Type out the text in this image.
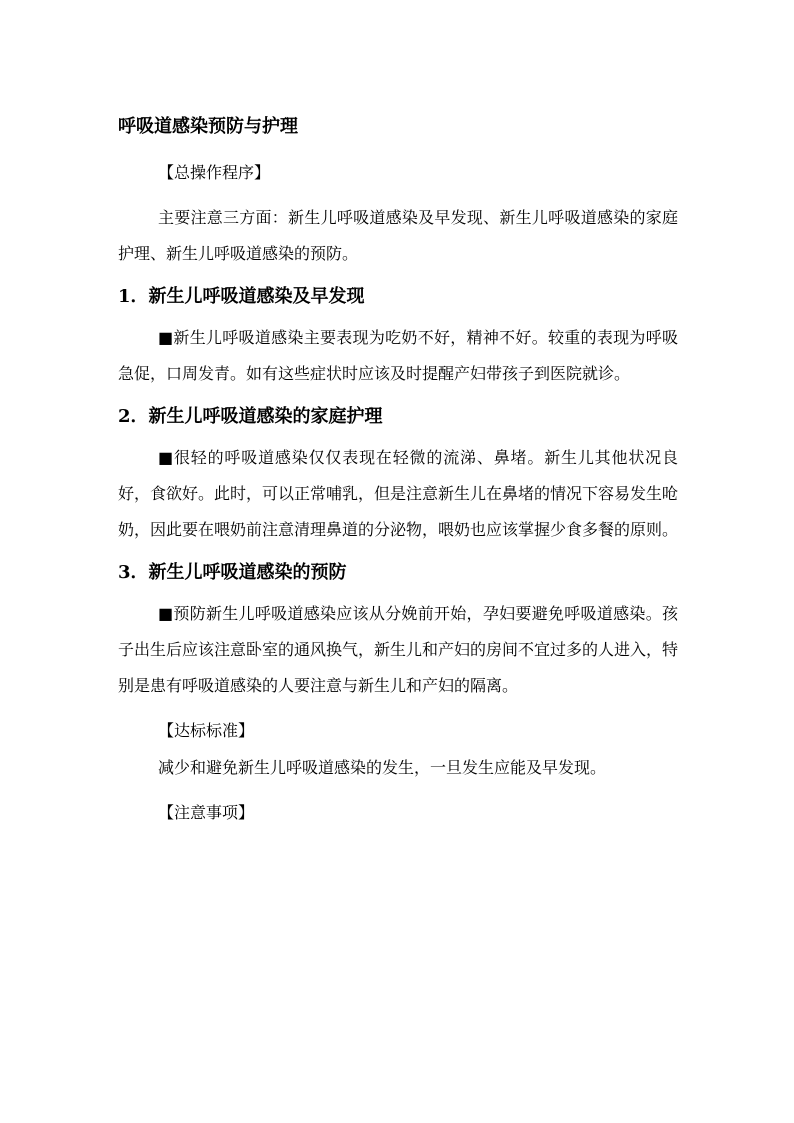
呼吸道感染预防与护理
【总操作程序】

主要注意三方面：新生儿呼吸道感染及早发现、新生儿呼吸道感染的家庭护理、新生儿呼吸道感染的预防。

1．新生儿呼吸道感染及早发现

■新生儿呼吸道感染主要表现为吃奶不好，精神不好。较重的表现为呼吸急促，口周发青。如有这些症状时应该及时提醒产妇带孩子到医院就诊。

2．新生儿呼吸道感染的家庭护理

■很轻的呼吸道感染仅仅表现在轻微的流涕、鼻堵。新生儿其他状况良好，食欲好。此时，可以正常哺乳，但是注意新生儿在鼻堵的情况下容易发生呛奶，因此要在喂奶前注意清理鼻道的分泌物，喂奶也应该掌握少食多餐的原则。

3．新生儿呼吸道感染的预防

■预防新生儿呼吸道感染应该从分娩前开始，孕妇要避免呼吸道感染。孩子出生后应该注意卧室的通风换气，新生儿和产妇的房间不宜过多的人进入，特别是患有呼吸道感染的人要注意与新生儿和产妇的隔离。

【达标标准】

减少和避免新生儿呼吸道感染的发生，一旦发生应能及早发现。

【注意事项】
